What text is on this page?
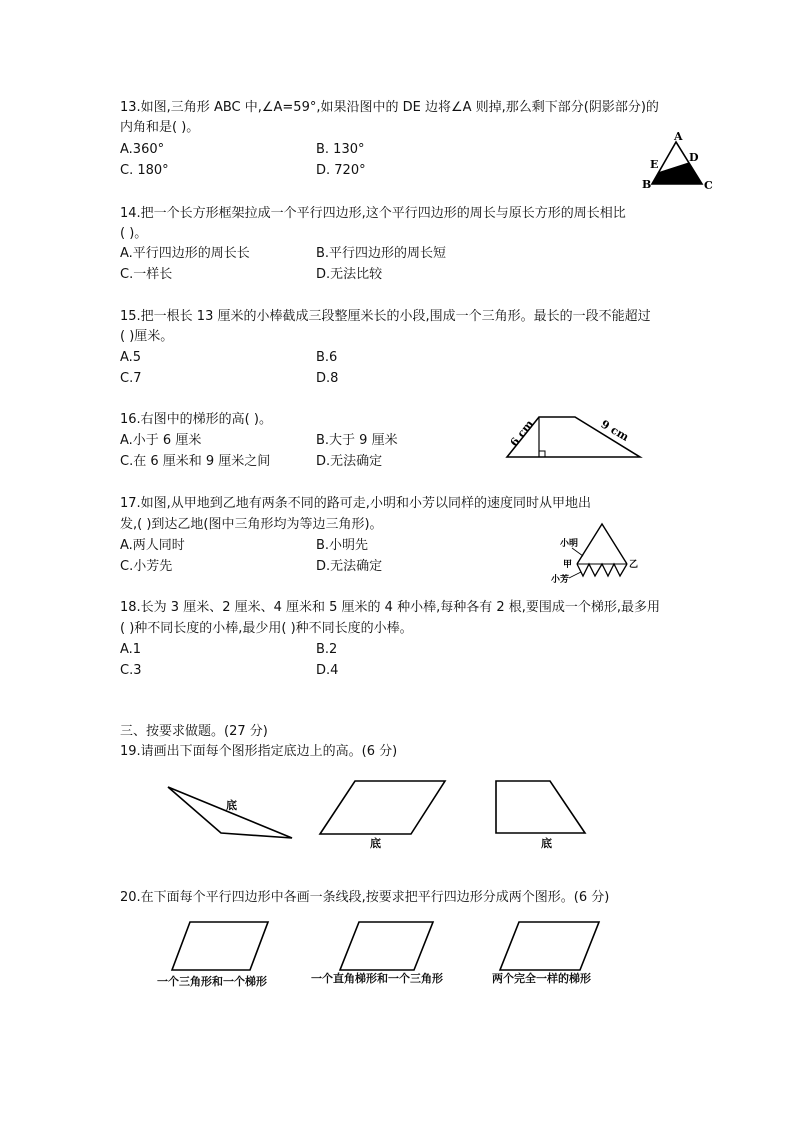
13.如图,三角形 ABC 中,∠A=59°,如果沿图中的 DE 边将∠A 则掉,那么剩下部分(阴影部分)的
内角和是( )。
A.360°	B. 130°
C. 180°	D. 720°
A
B	C
D
E
14.把一个长方形框架拉成一个平行四边形,这个平行四边形的周长与原长方形的周长相比
( )。
A.平行四边形的周长长	B.平行四边形的周长短
C.一样长	D.无法比较
15.把一根长 13 厘米的小棒截成三段整厘米长的小段,围成一个三角形。最长的一段不能超过
( )厘米。
A.5	B.6
C.7	D.8
16.右图中的梯形的高( )。
A.小于 6 厘米	B.大于 9 厘米
C.在 6 厘米和 9 厘米之间	D.无法确定
6 cm	9 cm
17.如图,从甲地到乙地有两条不同的路可走,小明和小芳以同样的速度同时从甲地出
发,( )到达乙地(图中三角形均为等边三角形)。
A.两人同时	B.小明先
C.小芳先	D.无法确定
小明
甲	乙
小芳
18.长为 3 厘米、2 厘米、4 厘米和 5 厘米的 4 种小棒,每种各有 2 根,要围成一个梯形,最多用
( )种不同长度的小棒,最少用( )种不同长度的小棒。
A.1	B.2
C.3	D.4
三、按要求做题。(27 分)
19.请画出下面每个图形指定底边上的高。(6 分)
底
底	底
20.在下面每个平行四边形中各画一条线段,按要求把平行四边形分成两个图形。(6 分)
一个三角形和一个梯形	一个直角梯形和一个三角形	两个完全一样的梯形
